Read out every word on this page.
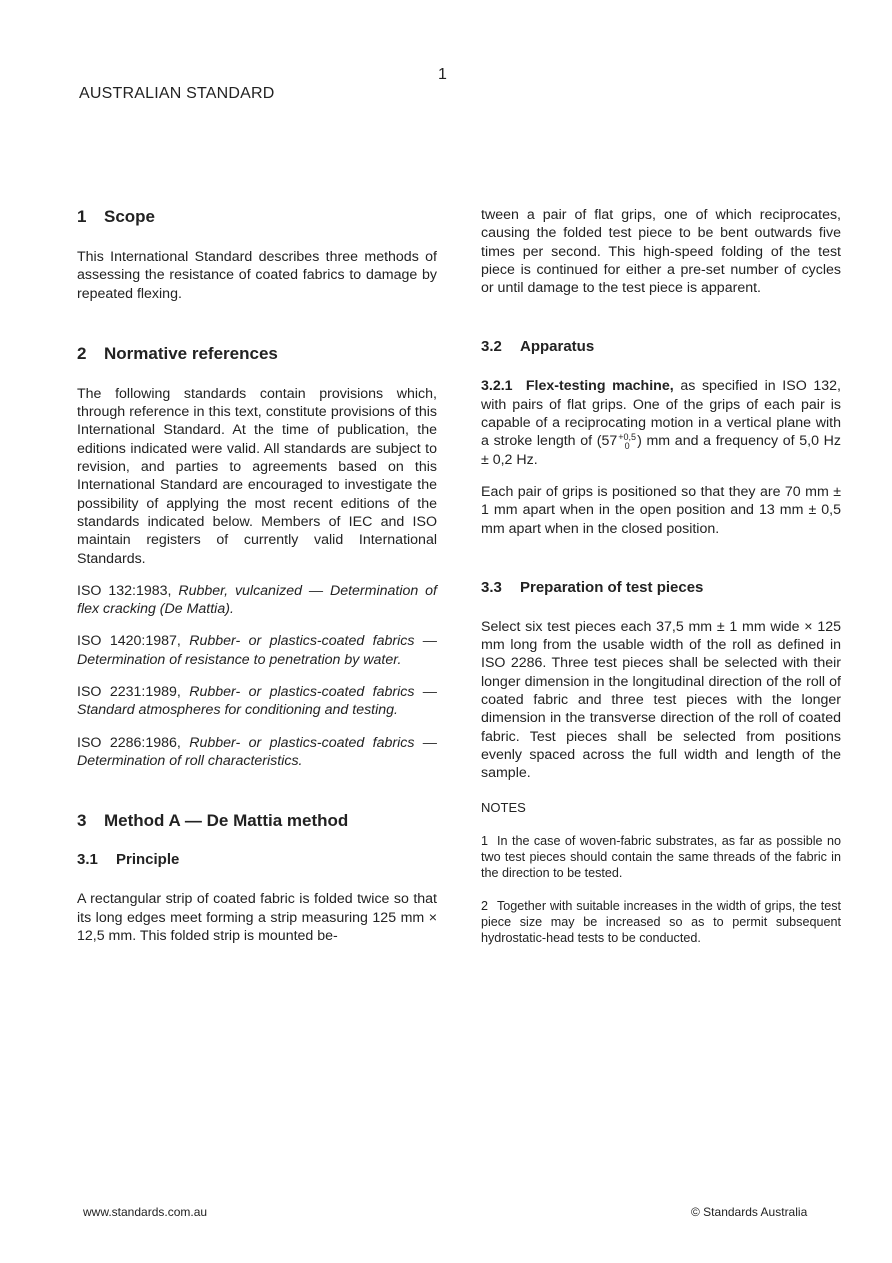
1
AUSTRALIAN STANDARD
1 Scope

This International Standard describes three methods of assessing the resistance of coated fabrics to damage by repeated flexing.

2 Normative references

The following standards contain provisions which, through reference in this text, constitute provisions of this International Standard. At the time of publication, the editions indicated were valid. All standards are subject to revision, and parties to agreements based on this International Standard are encouraged to investigate the possibility of applying the most recent editions of the standards indicated below. Members of IEC and ISO maintain registers of currently valid International Standards.

ISO 132:1983, Rubber, vulcanized — Determination of flex cracking (De Mattia).

ISO 1420:1987, Rubber- or plastics-coated fabrics — Determination of resistance to penetration by water.

ISO 2231:1989, Rubber- or plastics-coated fabrics — Standard atmospheres for conditioning and testing.

ISO 2286:1986, Rubber- or plastics-coated fabrics — Determination of roll characteristics.

3 Method A — De Mattia method
3.1 Principle

A rectangular strip of coated fabric is folded twice so that its long edges meet forming a strip measuring 125 mm × 12,5 mm. This folded strip is mounted be-

tween a pair of flat grips, one of which reciprocates, causing the folded test piece to be bent outwards five times per second. This high-speed folding of the test piece is continued for either a pre-set number of cycles or until damage to the test piece is apparent.

3.2 Apparatus

3.2.1 Flex-testing machine, as specified in ISO 132, with pairs of flat grips. One of the grips of each pair is capable of a reciprocating motion in a vertical plane with a stroke length of (57 +0,5
0 ) mm and a frequency of 5,0 Hz ± 0,2 Hz.

Each pair of grips is positioned so that they are 70 mm ± 1 mm apart when in the open position and 13 mm ± 0,5 mm apart when in the closed position.

3.3 Preparation of test pieces

Select six test pieces each 37,5 mm ± 1 mm wide × 125 mm long from the usable width of the roll as defined in ISO 2286. Three test pieces shall be selected with their longer dimension in the longitudinal direction of the roll of coated fabric and three test pieces with the longer dimension in the transverse direction of the roll of coated fabric. Test pieces shall be selected from positions evenly spaced across the full width and length of the sample.

NOTES
1 In the case of woven-fabric substrates, as far as possible no two test pieces should contain the same threads of the fabric in the direction to be tested.
2 Together with suitable increases in the width of grips, the test piece size may be increased so as to permit subsequent hydrostatic-head tests to be conducted.
www.standards.com.au	© Standards Australia
